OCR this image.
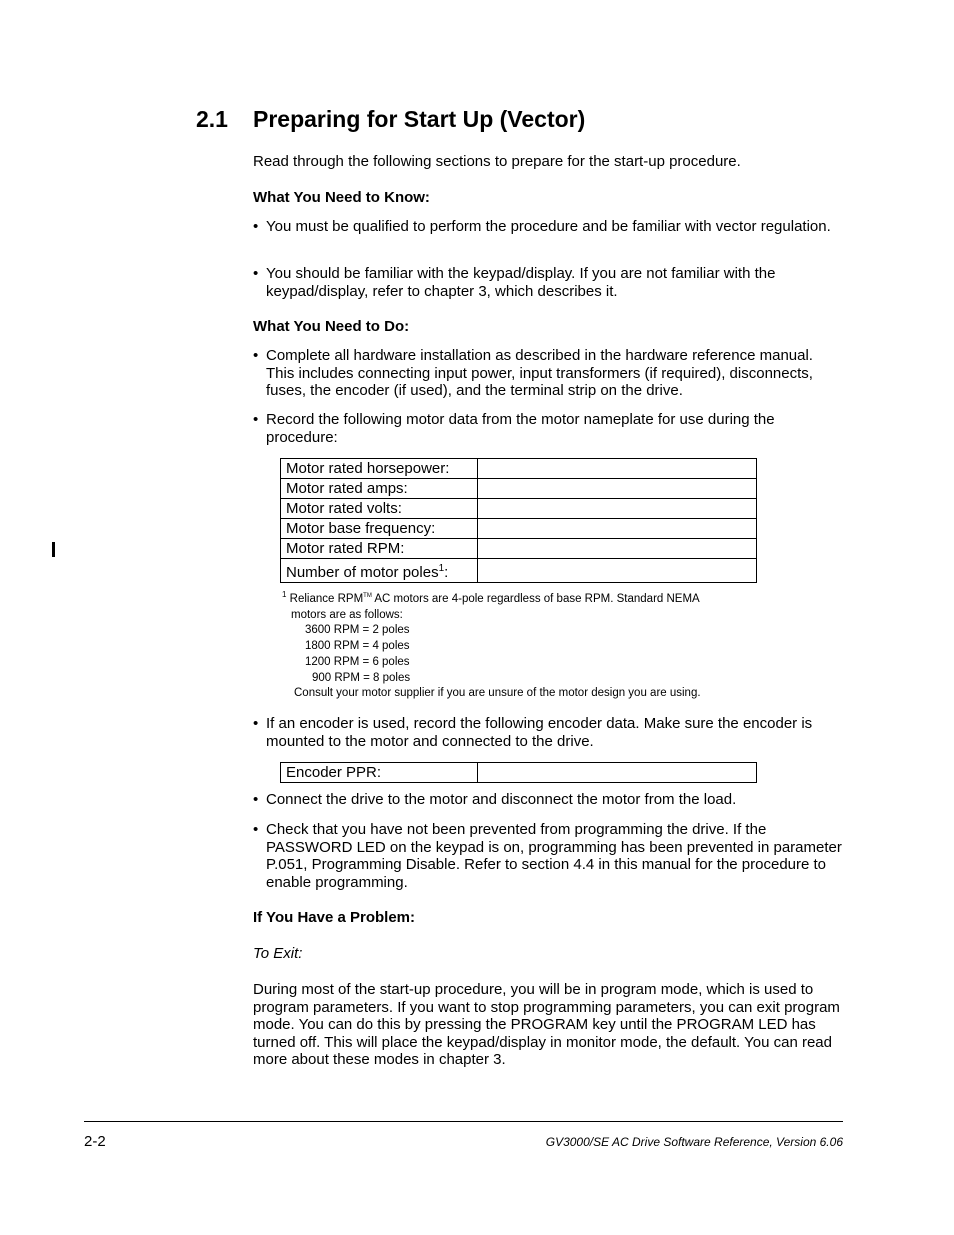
2.1 Preparing for Start Up (Vector)

Read through the following sections to prepare for the start-up procedure.

What You Need to Know:

• You must be qualified to perform the procedure and be familiar with vector regulation.
• You should be familiar with the keypad/display. If you are not familiar with the keypad/display, refer to chapter 3, which describes it.

What You Need to Do:

• Complete all hardware installation as described in the hardware reference manual. This includes connecting input power, input transformers (if required), disconnects, fuses, the encoder (if used), and the terminal strip on the drive.
• Record the following motor data from the motor nameplate for use during the procedure:
Motor rated horsepower:	
Motor rated amps:	
Motor rated volts:	
Motor base frequency:	
Motor rated RPM:	
Number of motor poles$^1$:	
$^1$ Reliance RPM™ AC motors are 4-pole regardless of base RPM. Standard NEMA
motors are as follows:
3600 RPM = 2 poles
1800 RPM = 4 poles
1200 RPM = 6 poles
900 RPM = 8 poles
Consult your motor supplier if you are unsure of the motor design you are using.
• If an encoder is used, record the following encoder data. Make sure the encoder is mounted to the motor and connected to the drive.
Encoder PPR:	
• Connect the drive to the motor and disconnect the motor from the load.
• Check that you have not been prevented from programming the drive. If the PASSWORD LED on the keypad is on, programming has been prevented in parameter P.051, Programming Disable. Refer to section 4.4 in this manual for the procedure to enable programming.

If You Have a Problem:

To Exit:

During most of the start-up procedure, you will be in program mode, which is used to program parameters. If you want to stop programming parameters, you can exit program mode. You can do this by pressing the PROGRAM key until the PROGRAM LED has turned off. This will place the keypad/display in monitor mode, the default. You can read more about these modes in chapter 3.

2-2	GV3000/SE AC Drive Software Reference, Version 6.06
